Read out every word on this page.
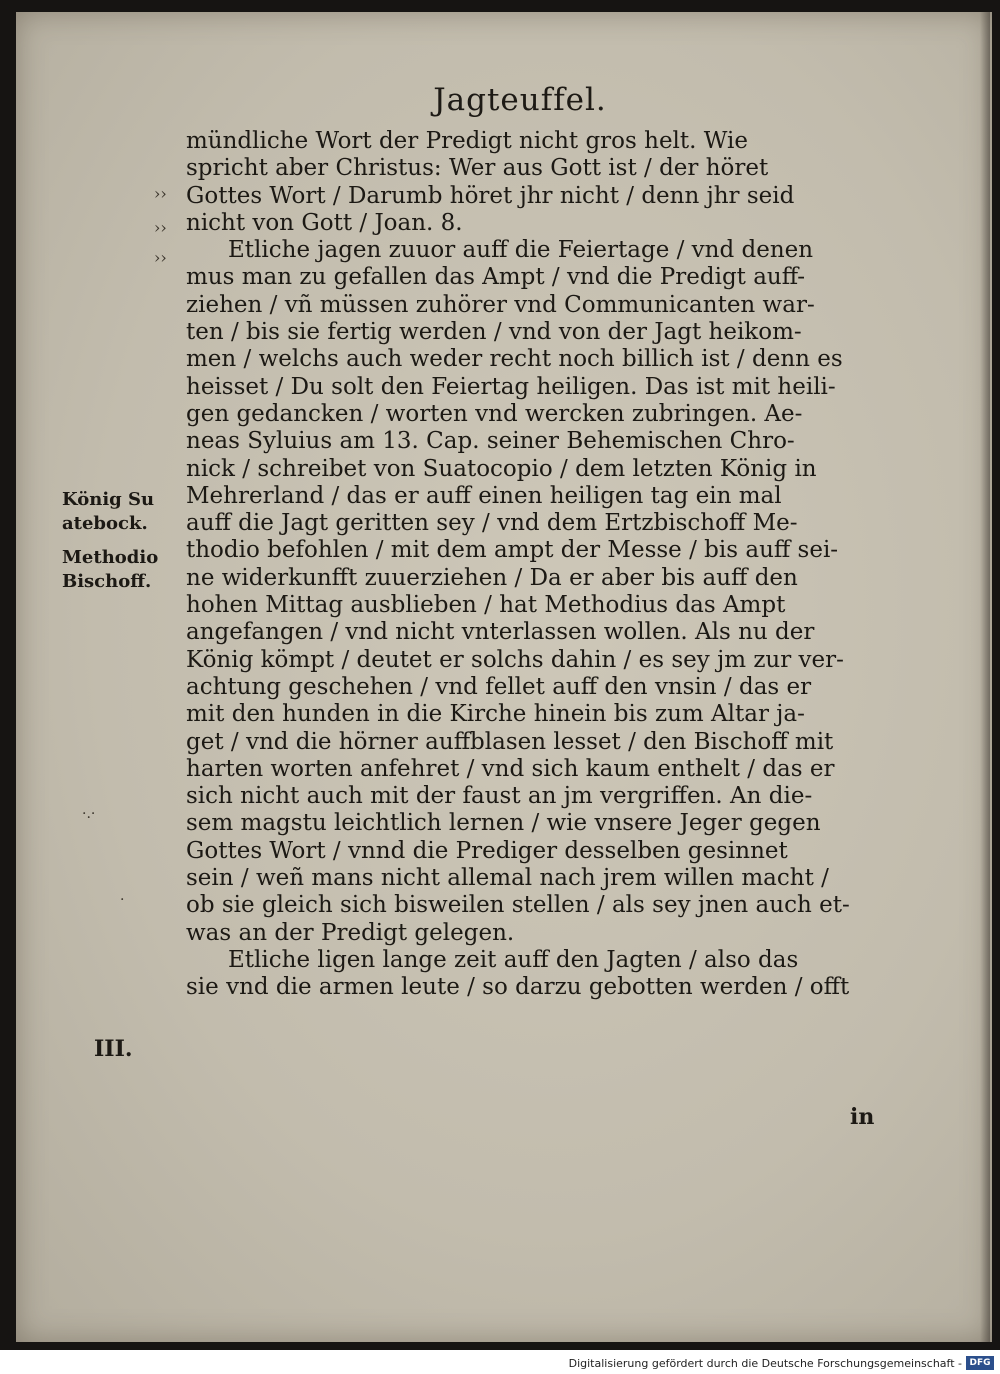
Jagteuffel.
››
››
››
mündliche Wort der Predigt nicht gros helt. Wie
spricht aber Christus: Wer aus Gott ist / der höret
Gottes Wort / Darumb höret jhr nicht / denn jhr seid
nicht von Gott / Joan. 8.
Etliche jagen zuuor auff die Feiertage / vnd denen
mus man zu gefallen das Ampt / vnd die Predigt auff-
ziehen / vñ müssen zuhörer vnd Communicanten war-
ten / bis sie fertig werden / vnd von der Jagt heikom-
men / welchs auch weder recht noch billich ist / denn es
heisset / Du solt den Feiertag heiligen. Das ist mit heili-
gen gedancken / worten vnd wercken zubringen. Ae-
neas Syluius am 13. Cap. seiner Behemischen Chro-
nick / schreibet von Suatocopio / dem letzten König in
Mehrerland / das er auff einen heiligen tag ein mal
auff die Jagt geritten sey / vnd dem Ertzbischoff Me-
thodio befohlen / mit dem ampt der Messe / bis auff sei-
ne widerkunfft zuuerziehen / Da er aber bis auff den
hohen Mittag ausblieben / hat Methodius das Ampt
angefangen / vnd nicht vnterlassen wollen. Als nu der
König kömpt / deutet er solchs dahin / es sey jm zur ver-
achtung geschehen / vnd fellet auff den vnsin / das er
mit den hunden in die Kirche hinein bis zum Altar ja-
get / vnd die hörner auffblasen lesset / den Bischoff mit
harten worten anfehret / vnd sich kaum enthelt / das er
sich nicht auch mit der faust an jm vergriffen. An die-
sem magstu leichtlich lernen / wie vnsere Jeger gegen
Gottes Wort / vnnd die Prediger desselben gesinnet
sein / weñ mans nicht allemal nach jrem willen macht /
ob sie gleich sich bisweilen stellen / als sey jnen auch et-
was an der Predigt gelegen.
Etliche ligen lange zeit auff den Jagten / also das
sie vnd die armen leute / so darzu gebotten werden / offt
König Su
atebock.
Methodio
Bischoff.
·.·
·
III.
in
Digitalisierung gefördert durch die Deutsche Forschungsgemeinschaft - DFG
